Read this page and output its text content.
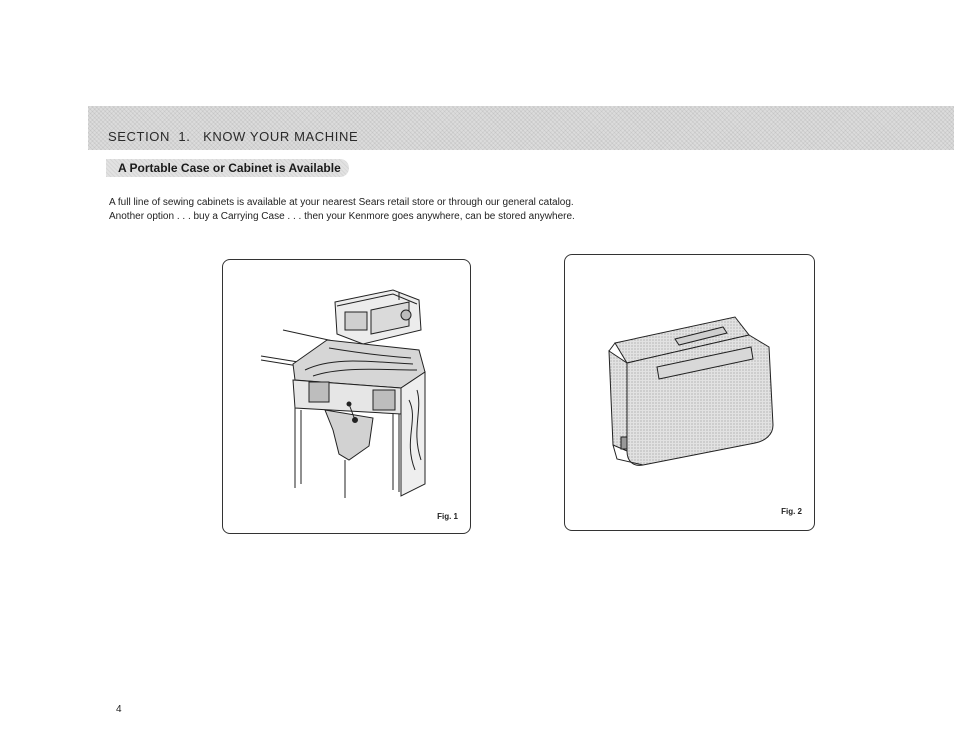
SECTION  1.   KNOW YOUR MACHINE
A Portable Case or Cabinet is Available

A full line of sewing cabinets is available at your nearest Sears retail store or through our general catalog.

Another option . . . buy a Carrying Case . . . then your Kenmore goes anywhere, can be stored anywhere.

Fig. 1
Fig. 2
4
